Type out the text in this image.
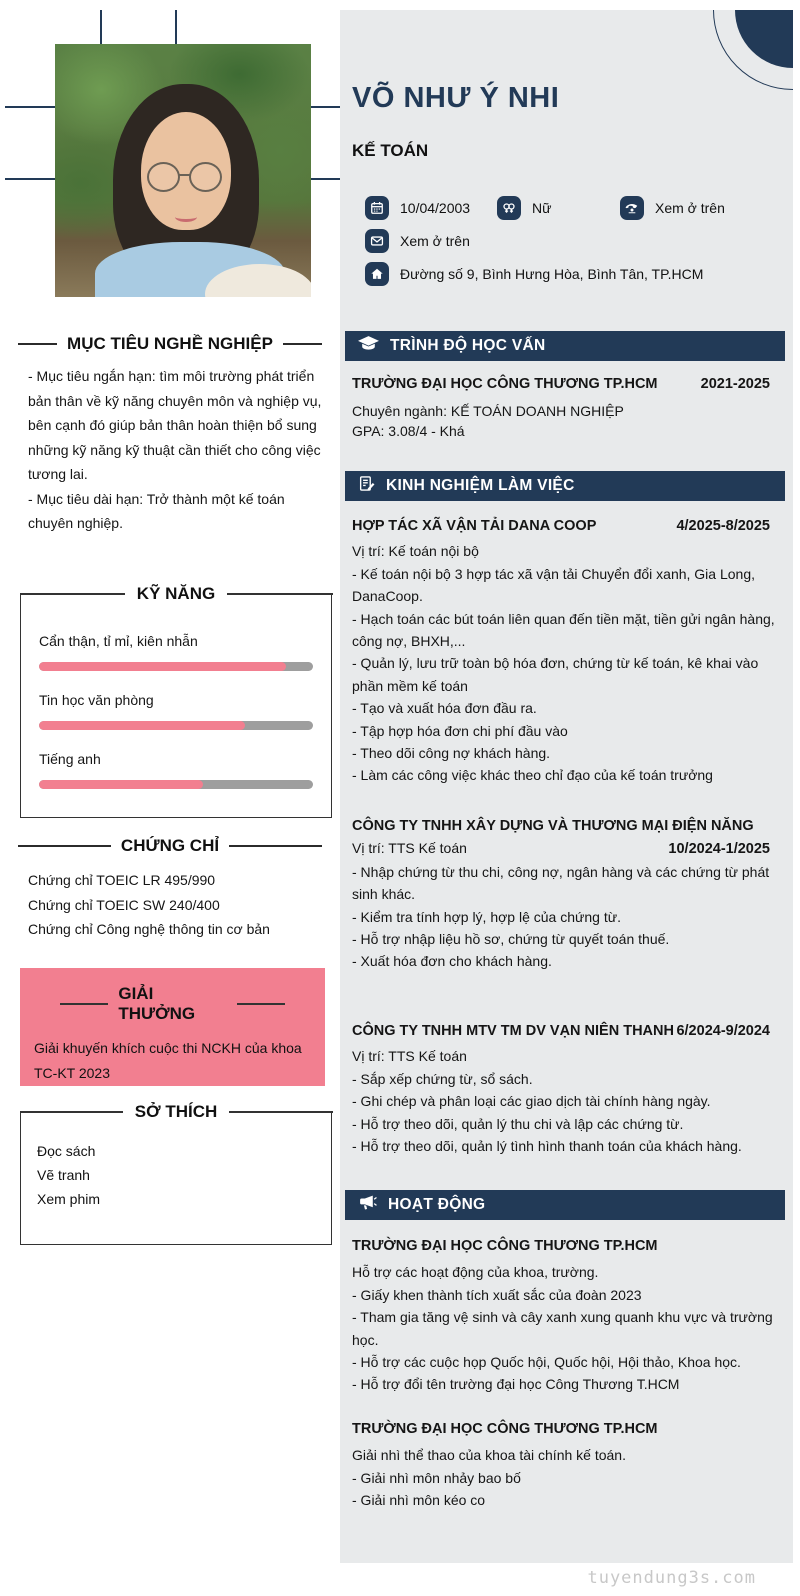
MỤC TIÊU NGHỀ NGHIỆP
- Mục tiêu ngắn hạn: tìm môi trường phát triển bản thân về kỹ năng chuyên môn và nghiệp vụ, bên cạnh đó giúp bản thân hoàn thiện bổ sung những kỹ năng kỹ thuật cần thiết cho công việc tương lai.
- Mục tiêu dài hạn: Trở thành một kế toán chuyên nghiệp.
KỸ NĂNG
Cẩn thận, tỉ mỉ, kiên nhẫn
Tin học văn phòng
Tiếng anh
CHỨNG CHỈ
Chứng chỉ TOEIC LR 495/990
Chứng chỉ TOEIC SW 240/400
Chứng chỉ Công nghệ thông tin cơ bản
GIẢI THƯỞNG
Giải khuyến khích cuộc thi NCKH của khoa TC-KT 2023
SỞ THÍCH
Đọc sách
Vẽ tranh
Xem phim
VÕ NHƯ Ý NHI
KẾ TOÁN
10/04/2003	Nữ	Xem ở trên
Xem ở trên
Đường số 9, Bình Hưng Hòa, Bình Tân, TP.HCM
TRÌNH ĐỘ HỌC VẤN
TRƯỜNG ĐẠI HỌC CÔNG THƯƠNG TP.HCM	2021-2025
Chuyên ngành: KẾ TOÁN DOANH NGHIỆP
GPA: 3.08/4 - Khá
KINH NGHIỆM LÀM VIỆC
HỢP TÁC XÃ VẬN TẢI DANA COOP	4/2025-8/2025
Vị trí: Kế toán nội bộ
- Kế toán nội bộ 3 hợp tác xã vận tải Chuyển đổi xanh, Gia Long, DanaCoop.
- Hạch toán các bút toán liên quan đến tiền mặt, tiền gửi ngân hàng, công nợ, BHXH,...
- Quản lý, lưu trữ toàn bộ hóa đơn, chứng từ kế toán, kê khai vào phần mềm kế toán
- Tạo và xuất hóa đơn đầu ra.
- Tập hợp hóa đơn chi phí đầu vào
- Theo dõi công nợ khách hàng.
- Làm các công việc khác theo chỉ đạo của kế toán trưởng
CÔNG TY TNHH XÂY DỰNG VÀ THƯƠNG MẠI ĐIỆN NĂNG
Vị trí: TTS Kế toán	10/2024-1/2025
- Nhập chứng từ thu chi, công nợ, ngân hàng và các chứng từ phát sinh khác.
- Kiểm tra tính hợp lý, hợp lệ của chứng từ.
- Hỗ trợ nhập liệu hồ sơ, chứng từ quyết toán thuế.
- Xuất hóa đơn cho khách hàng.
CÔNG TY TNHH MTV TM DV VẠN NIÊN THANH 6/2024-9/2024
Vị trí: TTS Kế toán
- Sắp xếp chứng từ, sổ sách.
- Ghi chép và phân loại các giao dịch tài chính hàng ngày.
- Hỗ trợ theo dõi, quản lý thu chi và lập các chứng từ.
- Hỗ trợ theo dõi, quản lý tình hình thanh toán của khách hàng.
HOẠT ĐỘNG
TRƯỜNG ĐẠI HỌC CÔNG THƯƠNG TP.HCM
Hỗ trợ các hoạt động của khoa, trường.
- Giấy khen thành tích xuất sắc của đoàn 2023
- Tham gia tăng vệ sinh và cây xanh xung quanh khu vực và trường học.
- Hỗ trợ các cuộc họp Quốc hội, Quốc hội, Hội thảo, Khoa học.
- Hỗ trợ đổi tên trường đại học Công Thương T.HCM
TRƯỜNG ĐẠI HỌC CÔNG THƯƠNG TP.HCM
Giải nhì thể thao của khoa tài chính kế toán.
- Giải nhì môn nhảy bao bố
- Giải nhì môn kéo co
tuyendung3s.com
